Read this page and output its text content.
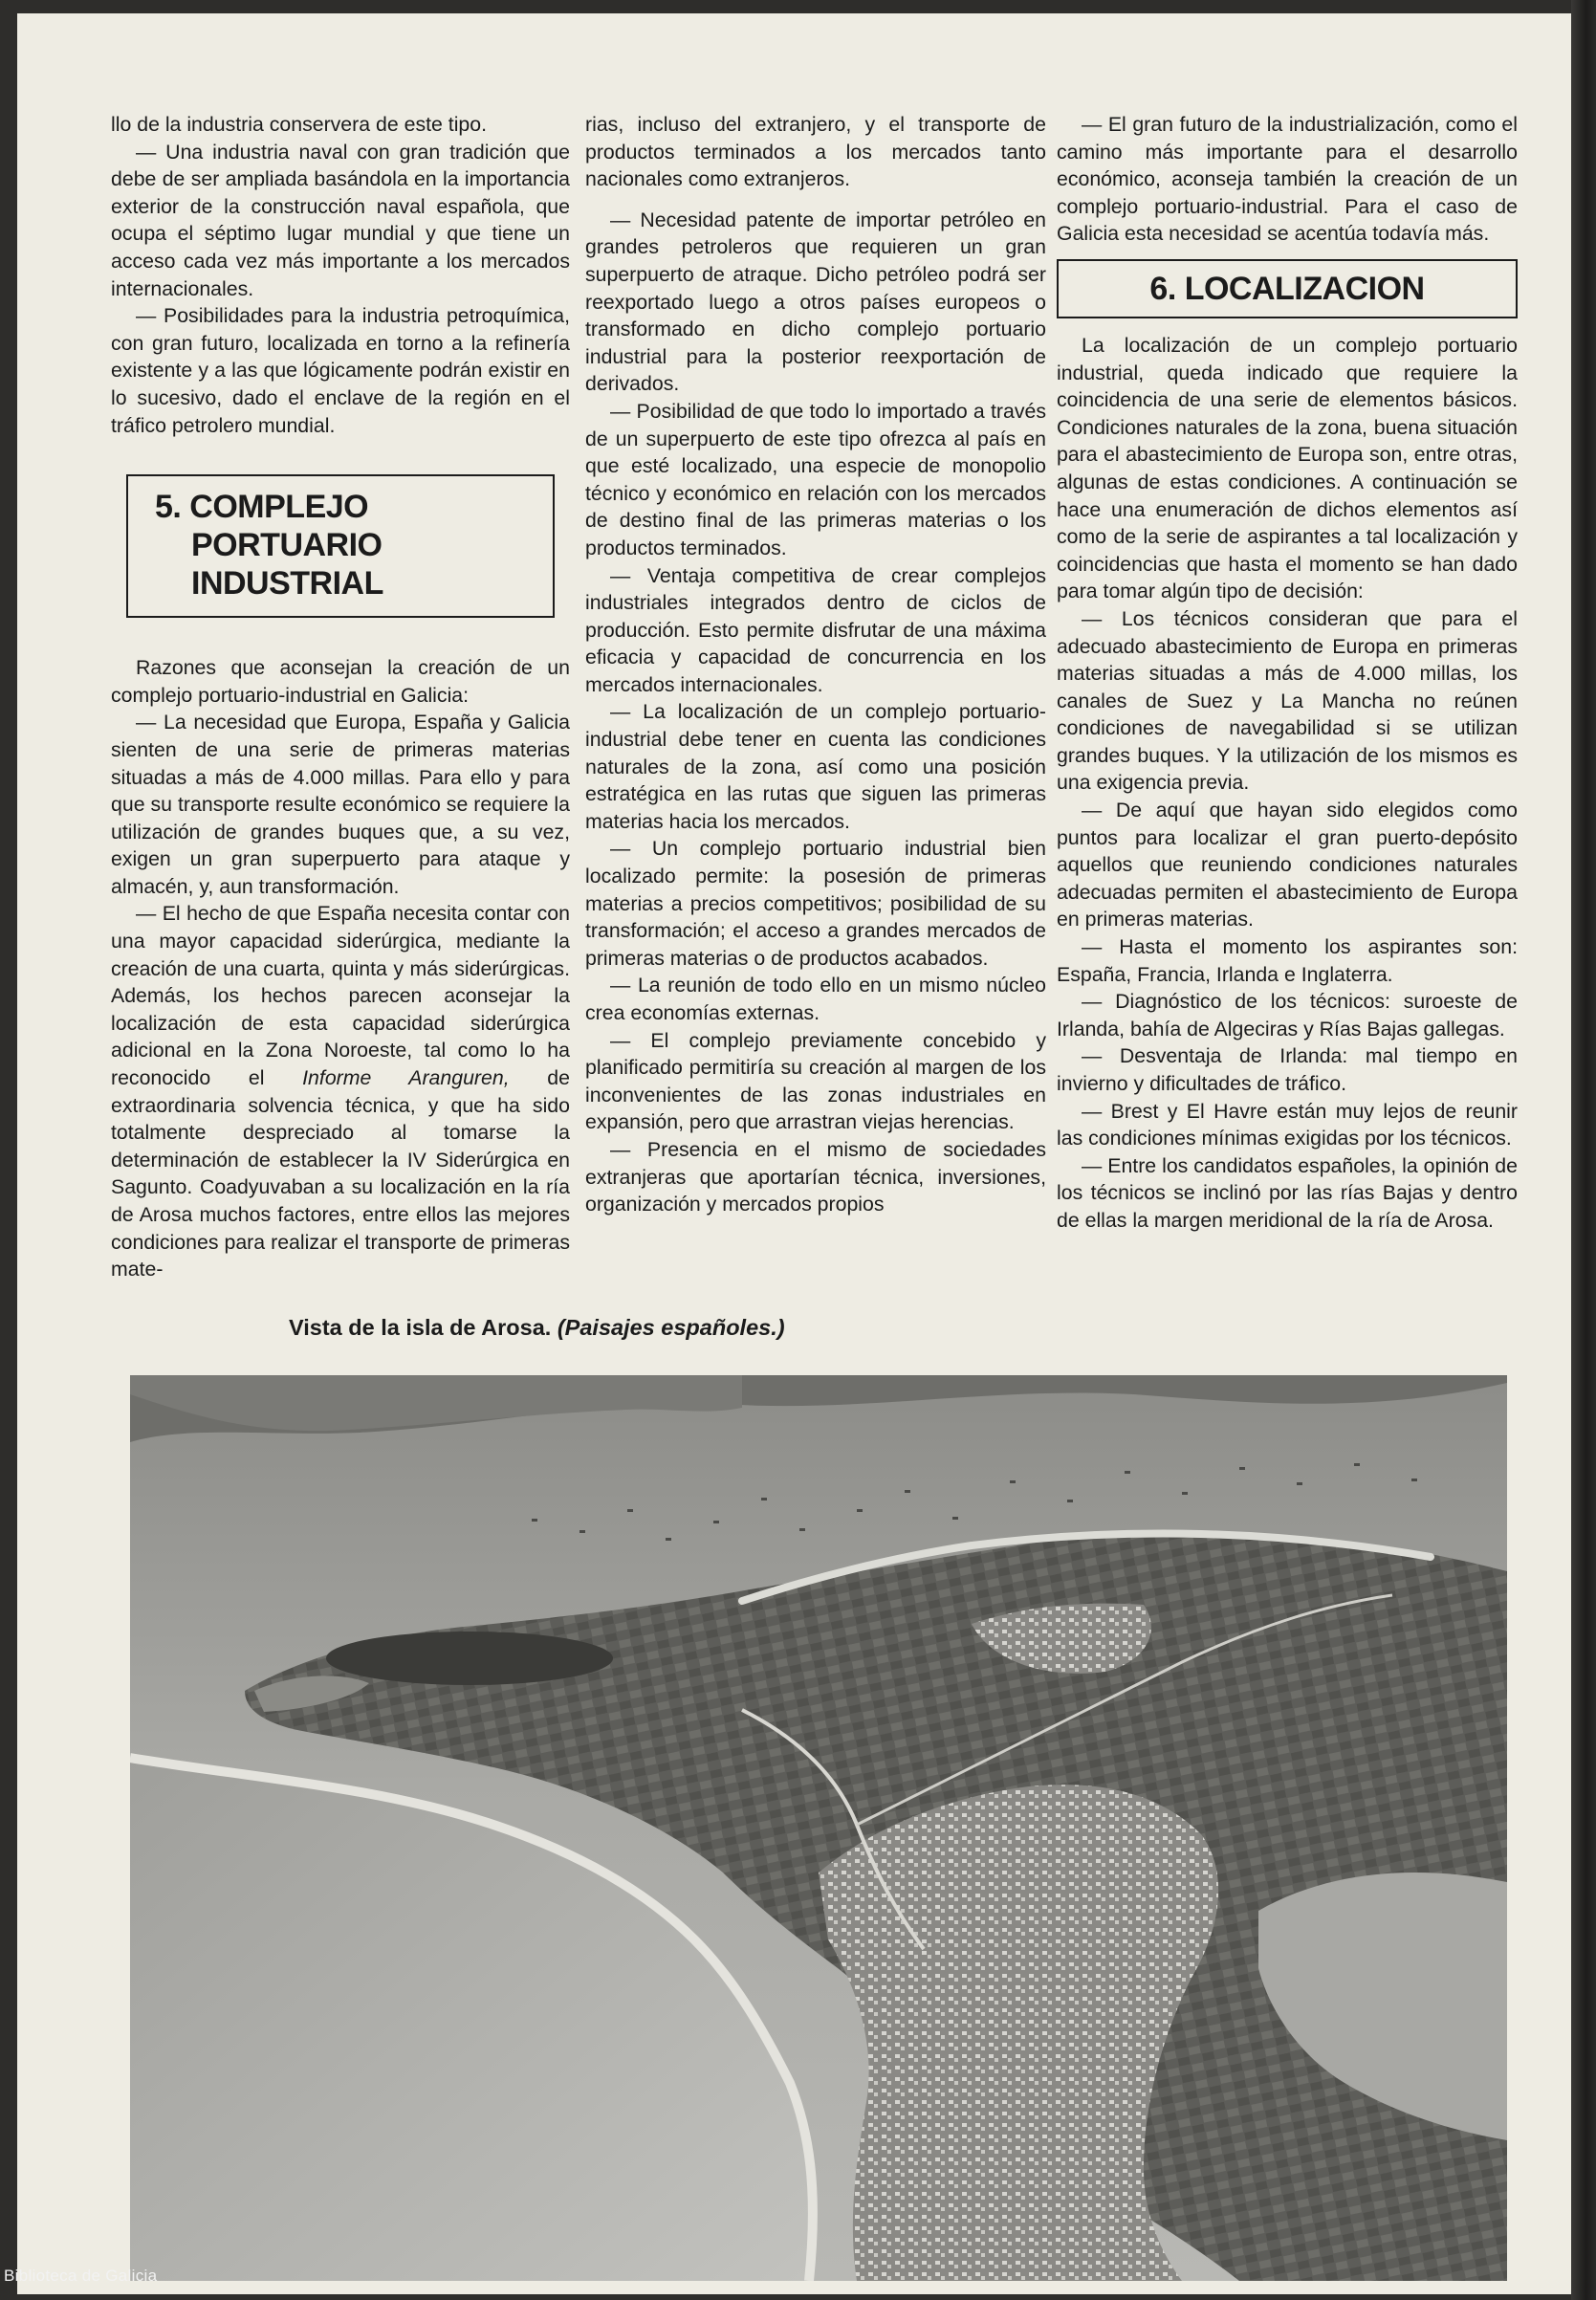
llo de la industria conservera de este tipo.

— Una industria naval con gran tradición que debe de ser ampliada basándola en la importancia exterior de la construcción naval española, que ocupa el séptimo lugar mundial y que tiene un acceso cada vez más importante a los mercados internacionales.

— Posibilidades para la industria petroquímica, con gran futuro, localizada en torno a la refinería existente y a las que lógicamente podrán existir en lo sucesivo, dado el enclave de la región en el tráfico petrolero mundial.

5. COMPLEJO
PORTUARIO INDUSTRIAL

Razones que aconsejan la creación de un complejo portuario-industrial en Galicia:

— La necesidad que Europa, España y Galicia sienten de una serie de primeras materias situadas a más de 4.000 millas. Para ello y para que su transporte resulte económico se requiere la utilización de grandes buques que, a su vez, exigen un gran superpuerto para ataque y almacén, y, aun transformación.

— El hecho de que España necesita contar con una mayor capacidad siderúrgica, mediante la creación de una cuarta, quinta y más siderúrgicas. Además, los hechos parecen aconsejar la localización de esta capacidad siderúrgica adicional en la Zona Noroeste, tal como lo ha reconocido el Informe Aranguren, de extraordinaria solvencia técnica, y que ha sido totalmente despreciado al tomarse la determinación de establecer la IV Siderúrgica en Sagunto. Coadyuvaban a su localización en la ría de Arosa muchos factores, entre ellos las mejores condiciones para realizar el transporte de primeras mate-

rias, incluso del extranjero, y el transporte de productos terminados a los mercados tanto nacionales como extranjeros.

— Necesidad patente de importar petróleo en grandes petroleros que requieren un gran superpuerto de atraque. Dicho petróleo podrá ser reexportado luego a otros países europeos o transformado en dicho complejo portuario industrial para la posterior reexportación de derivados.

— Posibilidad de que todo lo importado a través de un superpuerto de este tipo ofrezca al país en que esté localizado, una especie de monopolio técnico y económico en relación con los mercados de destino final de las primeras materias o los productos terminados.

— Ventaja competitiva de crear complejos industriales integrados dentro de ciclos de producción. Esto permite disfrutar de una máxima eficacia y capacidad de concurrencia en los mercados internacionales.

— La localización de un complejo portuario-industrial debe tener en cuenta las condiciones naturales de la zona, así como una posición estratégica en las rutas que siguen las primeras materias hacia los mercados.

— Un complejo portuario industrial bien localizado permite: la posesión de primeras materias a precios competitivos; posibilidad de su transformación; el acceso a grandes mercados de primeras materias o de productos acabados.

— La reunión de todo ello en un mismo núcleo crea economías externas.

— El complejo previamente concebido y planificado permitiría su creación al margen de los inconvenientes de las zonas industriales en expansión, pero que arrastran viejas herencias.

— Presencia en el mismo de sociedades extranjeras que aportarían técnica, inversiones, organización y mercados propios

— El gran futuro de la industrialización, como el camino más importante para el desarrollo económico, aconseja también la creación de un complejo portuario-industrial. Para el caso de Galicia esta necesidad se acentúa todavía más.

6. LOCALIZACION

La localización de un complejo portuario industrial, queda indicado que requiere la coincidencia de una serie de elementos básicos. Condiciones naturales de la zona, buena situación para el abastecimiento de Europa son, entre otras, algunas de estas condiciones. A continuación se hace una enumeración de dichos elementos así como de la serie de aspirantes a tal localización y coincidencias que hasta el momento se han dado para tomar algún tipo de decisión:

— Los técnicos consideran que para el adecuado abastecimiento de Europa en primeras materias situadas a más de 4.000 millas, los canales de Suez y La Mancha no reúnen condiciones de navegabilidad si se utilizan grandes buques. Y la utilización de los mismos es una exigencia previa.

— De aquí que hayan sido elegidos como puntos para localizar el gran puerto-depósito aquellos que reuniendo condiciones naturales adecuadas permiten el abastecimiento de Europa en primeras materias.

— Hasta el momento los aspirantes son: España, Francia, Irlanda e Inglaterra.

— Diagnóstico de los técnicos: suroeste de Irlanda, bahía de Algeciras y Rías Bajas gallegas.

— Desventaja de Irlanda: mal tiempo en invierno y dificultades de tráfico.

— Brest y El Havre están muy lejos de reunir las condiciones mínimas exigidas por los técnicos.

— Entre los candidatos españoles, la opinión de los técnicos se inclinó por las rías Bajas y dentro de ellas la margen meridional de la ría de Arosa.

Vista de la isla de Arosa. (Paisajes españoles.)
Biblioteca de Galicia
